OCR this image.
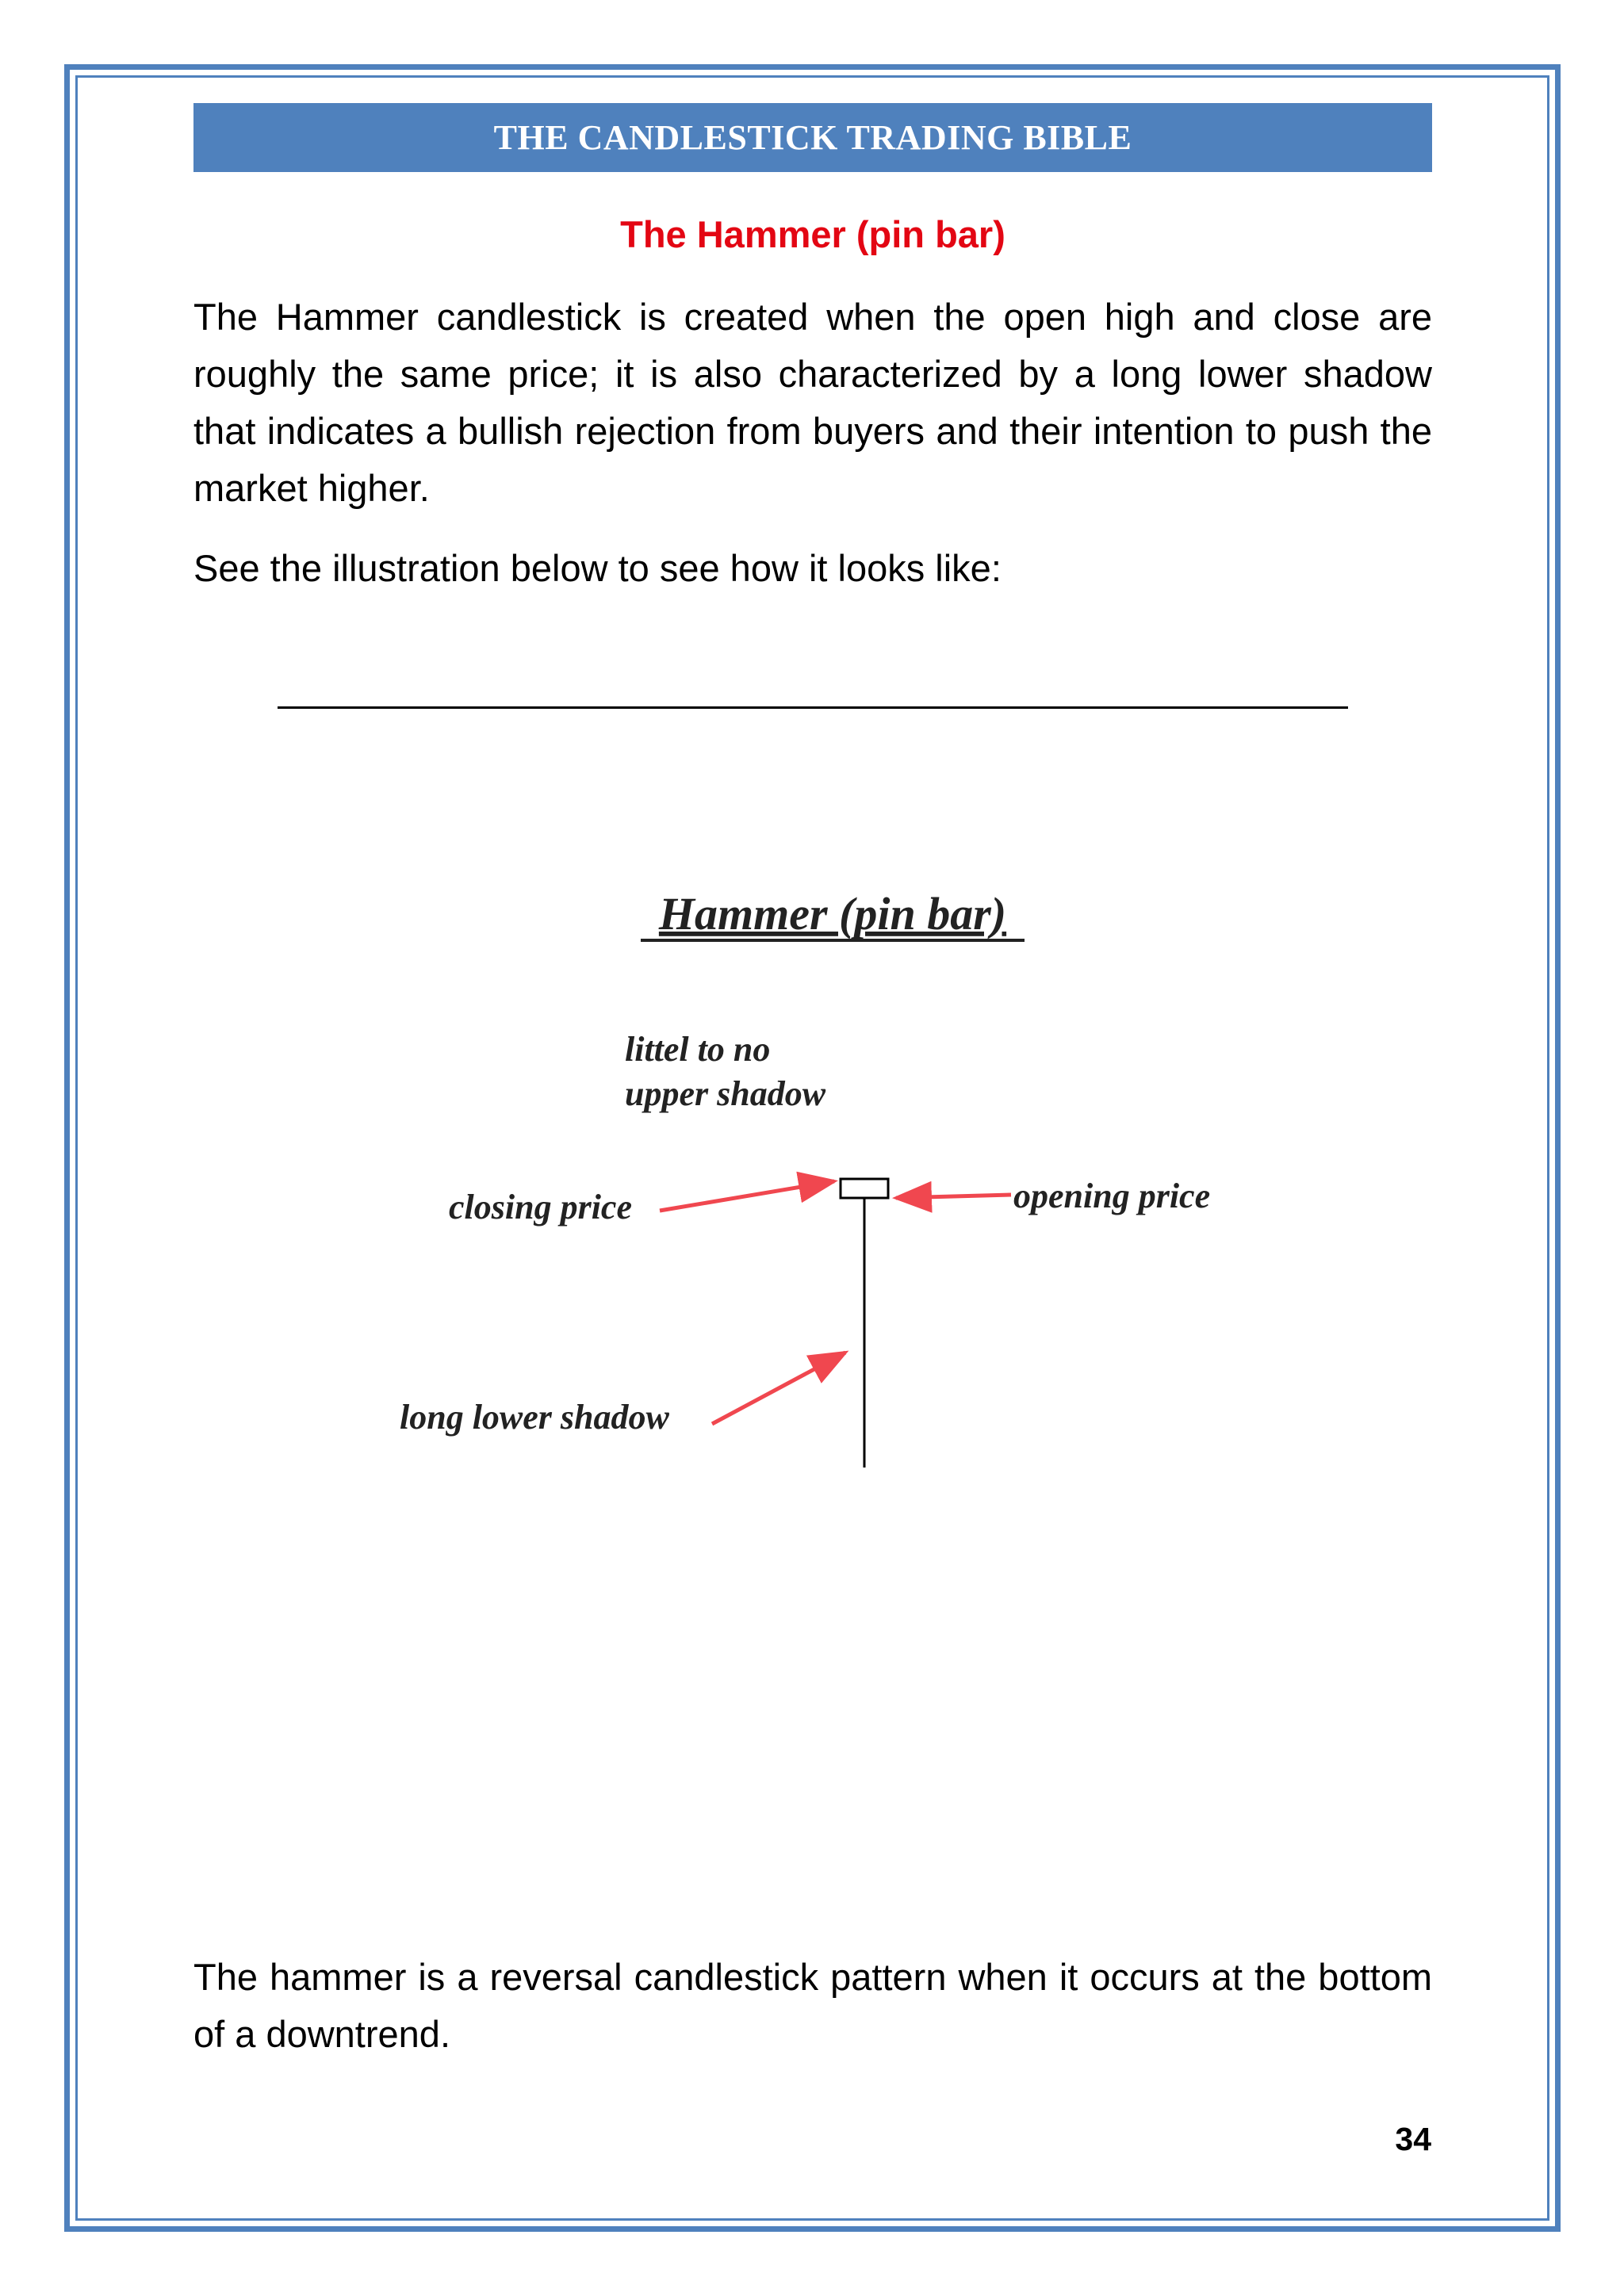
THE CANDLESTICK TRADING BIBLE
The Hammer (pin bar)

The Hammer candlestick is created when the open high and close are roughly the same price; it is also characterized by a long lower shadow that indicates a bullish rejection from buyers and their intention to push the market higher.

See the illustration below to see how it looks like:

Hammer (pin bar)
littel to no
upper shadow
closing price	opening price
long lower shadow

The hammer is a reversal candlestick pattern when it occurs at the bottom of a downtrend.

34
